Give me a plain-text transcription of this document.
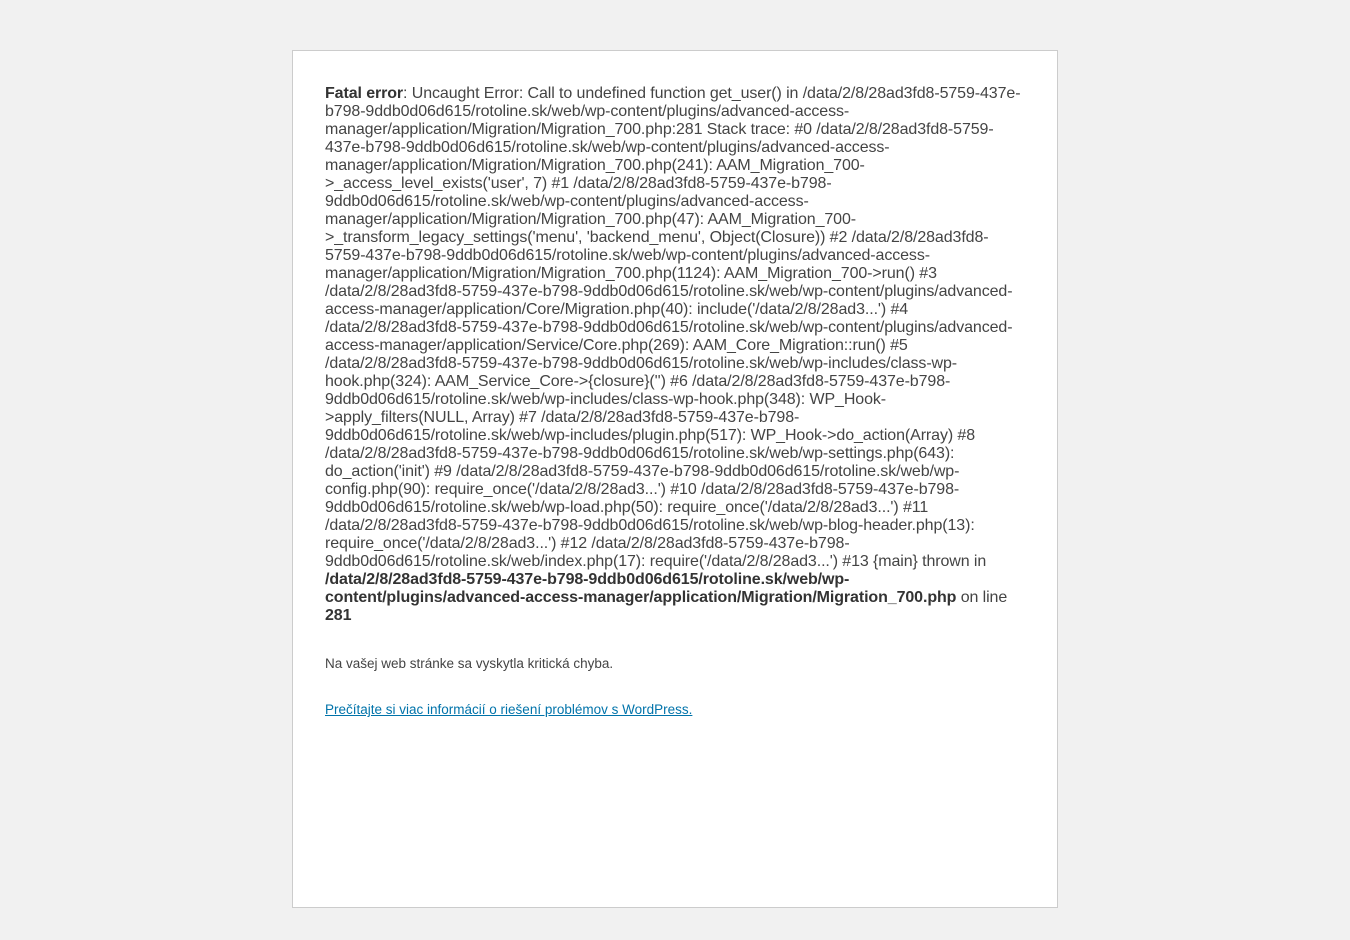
Fatal error: Uncaught Error: Call to undefined function get_user() in /data/2/8/28ad3fd8-5759-437e-b798-9ddb0d06d615/rotoline.sk/web/wp-content/plugins/advanced-access-manager/application/Migration/Migration_700.php:281 Stack trace: #0 /data/2/8/28ad3fd8-5759-437e-b798-9ddb0d06d615/rotoline.sk/web/wp-content/plugins/advanced-access-manager/application/Migration/Migration_700.php(241): AAM_Migration_700->_access_level_exists('user', 7) #1 /data/2/8/28ad3fd8-5759-437e-b798-9ddb0d06d615/rotoline.sk/web/wp-content/plugins/advanced-access-manager/application/Migration/Migration_700.php(47): AAM_Migration_700->_transform_legacy_settings('menu', 'backend_menu', Object(Closure)) #2 /data/2/8/28ad3fd8-5759-437e-b798-9ddb0d06d615/rotoline.sk/web/wp-content/plugins/advanced-access-manager/application/Migration/Migration_700.php(1124): AAM_Migration_700->run() #3 /data/2/8/28ad3fd8-5759-437e-b798-9ddb0d06d615/rotoline.sk/web/wp-content/plugins/advanced-access-manager/application/Core/Migration.php(40): include('/data/2/8/28ad3...') #4 /data/2/8/28ad3fd8-5759-437e-b798-9ddb0d06d615/rotoline.sk/web/wp-content/plugins/advanced-access-manager/application/Service/Core.php(269): AAM_Core_Migration::run() #5 /data/2/8/28ad3fd8-5759-437e-b798-9ddb0d06d615/rotoline.sk/web/wp-includes/class-wp-hook.php(324): AAM_Service_Core->{closure}('') #6 /data/2/8/28ad3fd8-5759-437e-b798-9ddb0d06d615/rotoline.sk/web/wp-includes/class-wp-hook.php(348): WP_Hook->apply_filters(NULL, Array) #7 /data/2/8/28ad3fd8-5759-437e-b798-9ddb0d06d615/rotoline.sk/web/wp-includes/plugin.php(517): WP_Hook->do_action(Array) #8 /data/2/8/28ad3fd8-5759-437e-b798-9ddb0d06d615/rotoline.sk/web/wp-settings.php(643): do_action('init') #9 /data/2/8/28ad3fd8-5759-437e-b798-9ddb0d06d615/rotoline.sk/web/wp-config.php(90): require_once('/data/2/8/28ad3...') #10 /data/2/8/28ad3fd8-5759-437e-b798-9ddb0d06d615/rotoline.sk/web/wp-load.php(50): require_once('/data/2/8/28ad3...') #11 /data/2/8/28ad3fd8-5759-437e-b798-9ddb0d06d615/rotoline.sk/web/wp-blog-header.php(13): require_once('/data/2/8/28ad3...') #12 /data/2/8/28ad3fd8-5759-437e-b798-9ddb0d06d615/rotoline.sk/web/index.php(17): require('/data/2/8/28ad3...') #13 {main} thrown in /data/2/8/28ad3fd8-5759-437e-b798-9ddb0d06d615/rotoline.sk/web/wp-content/plugins/advanced-access-manager/application/Migration/Migration_700.php on line 281

Na vašej web stránke sa vyskytla kritická chyba.

Prečítajte si viac informácií o riešení problémov s WordPress.
